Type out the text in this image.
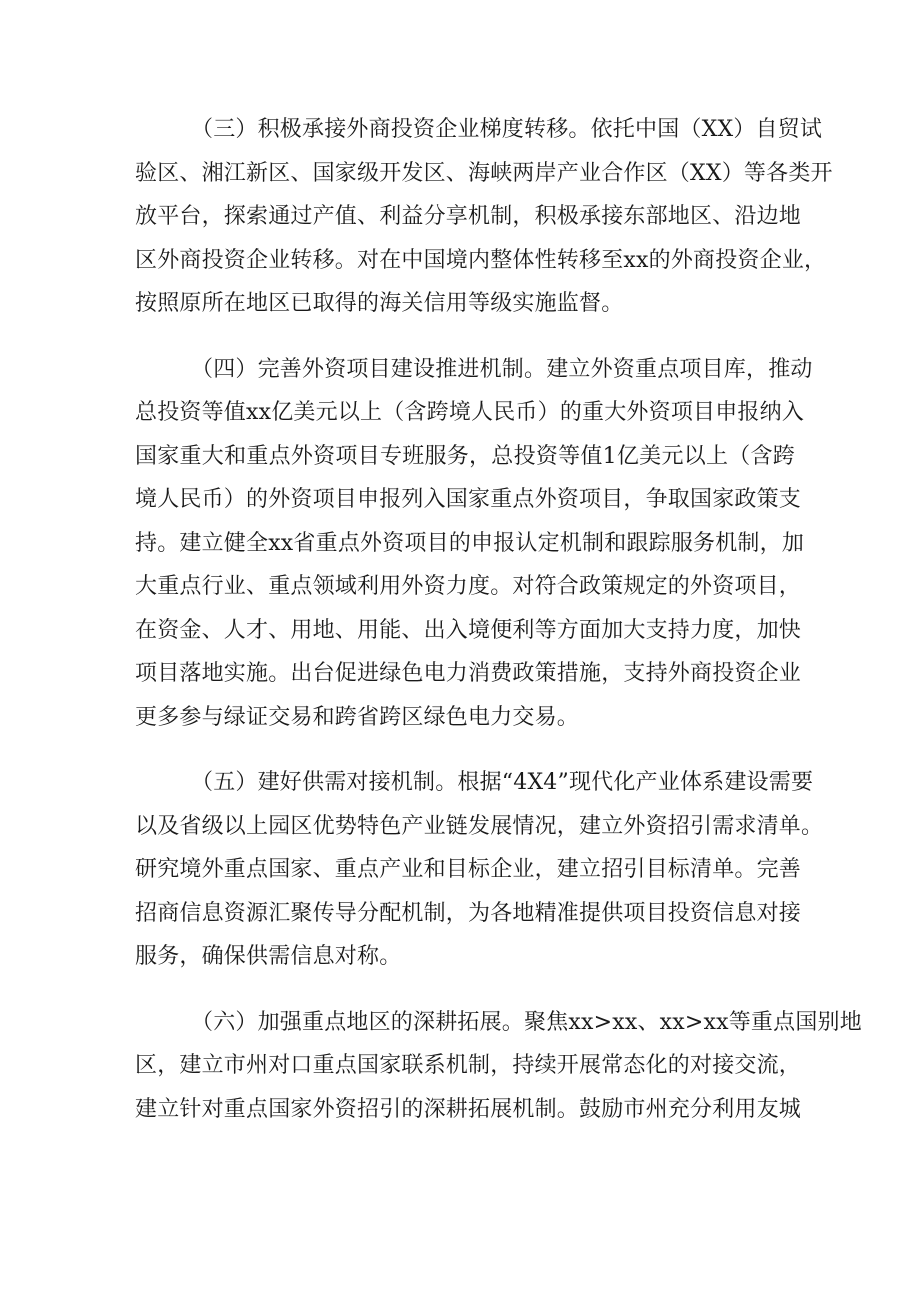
（三）积极承接外商投资企业梯度转移。依托中国（XX）自贸试
验区、湘江新区、国家级开发区、海峡两岸产业合作区（XX）等各类开
放平台，探索通过产值、利益分享机制，积极承接东部地区、沿边地
区外商投资企业转移。对在中国境内整体性转移至xx的外商投资企业，
按照原所在地区已取得的海关信用等级实施监督。

（四）完善外资项目建设推进机制。建立外资重点项目库，推动
总投资等值xx亿美元以上（含跨境人民币）的重大外资项目申报纳入
国家重大和重点外资项目专班服务，总投资等值1亿美元以上（含跨
境人民币）的外资项目申报列入国家重点外资项目，争取国家政策支
持。建立健全xx省重点外资项目的申报认定机制和跟踪服务机制，加
大重点行业、重点领域利用外资力度。对符合政策规定的外资项目，
在资金、人才、用地、用能、出入境便利等方面加大支持力度，加快
项目落地实施。出台促进绿色电力消费政策措施，支持外商投资企业
更多参与绿证交易和跨省跨区绿色电力交易。

（五）建好供需对接机制。根据“4X4”现代化产业体系建设需要
以及省级以上园区优势特色产业链发展情况，建立外资招引需求清单。
研究境外重点国家、重点产业和目标企业，建立招引目标清单。完善
招商信息资源汇聚传导分配机制，为各地精准提供项目投资信息对接
服务，确保供需信息对称。

（六）加强重点地区的深耕拓展。聚焦xx>xx、xx>xx等重点国别地
区，建立市州对口重点国家联系机制，持续开展常态化的对接交流，
建立针对重点国家外资招引的深耕拓展机制。鼓励市州充分利用友城
